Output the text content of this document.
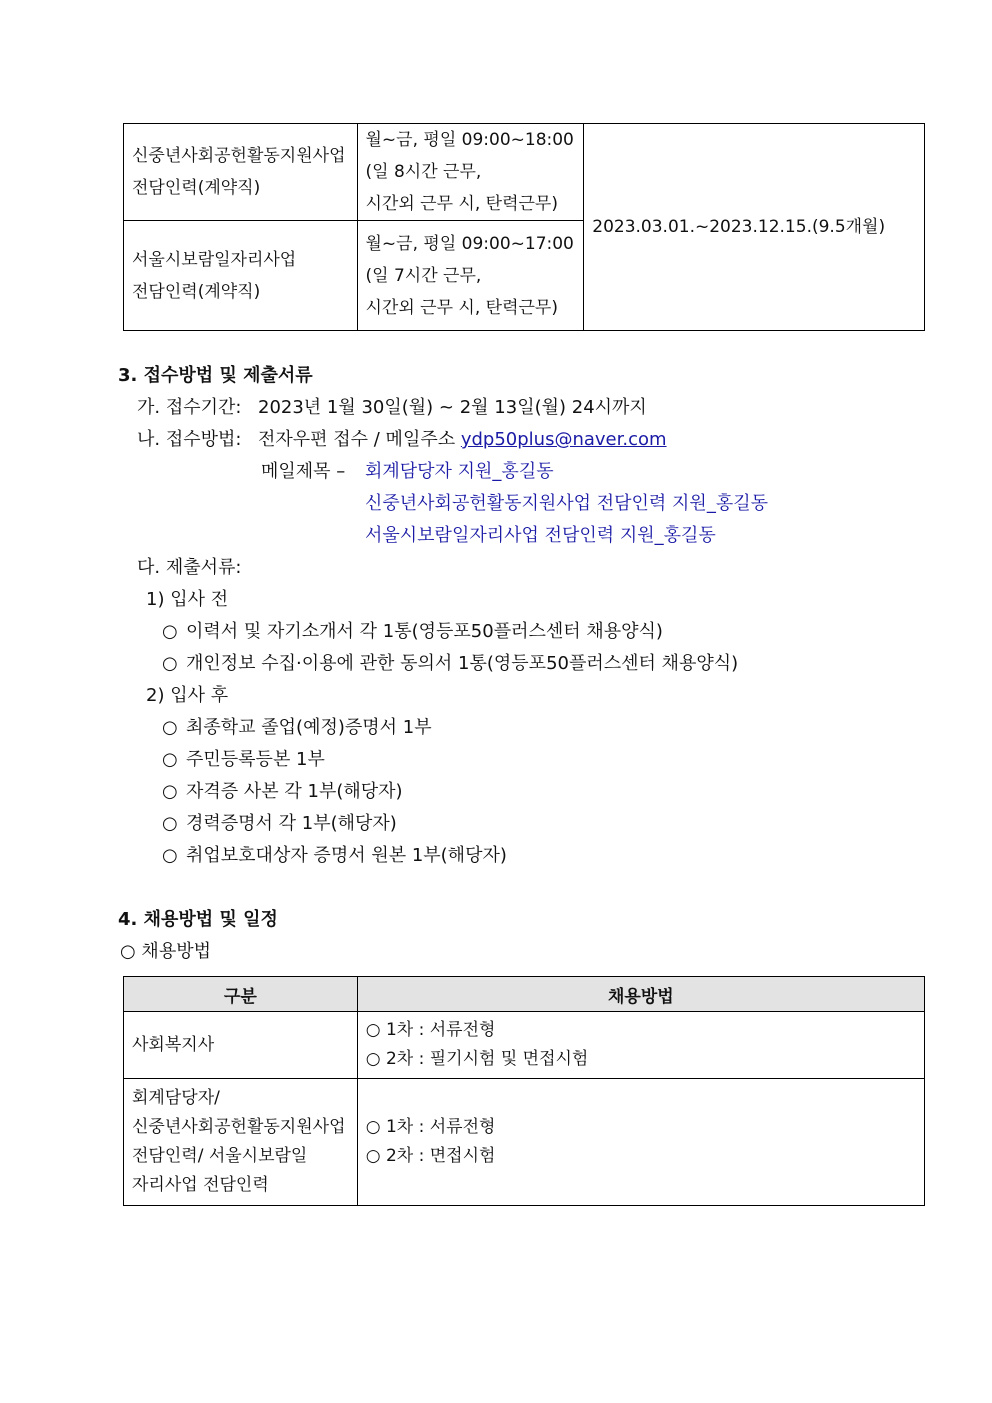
신중년사회공헌활동지원사업
전담인력(계약직)	월~금, 평일 09:00~18:00
(일 8시간 근무,
시간외 근무 시, 탄력근무)	2023.03.01.~2023.12.15.(9.5개월)

서울시보람일자리사업
전담인력(계약직)	월~금, 평일 09:00~17:00
(일 7시간 근무,
시간외 근무 시, 탄력근무)	
3. 접수방법 및 제출서류
가. 접수기간: 2023년 1월 30일(월) ~ 2월 13일(월) 24시까지
나. 접수방법: 전자우편 접수 / 메일주소 ydp50plus@naver.com
메일제목 – 회계담당자 지원_홍길동
신중년사회공헌활동지원사업 전담인력 지원_홍길동
서울시보람일자리사업 전담인력 지원_홍길동
다. 제출서류:
1) 입사 전
○ 이력서 및 자기소개서 각 1통(영등포50플러스센터 채용양식)
○ 개인정보 수집·이용에 관한 동의서 1통(영등포50플러스센터 채용양식)
2) 입사 후
○ 최종학교 졸업(예정)증명서 1부
○ 주민등록등본 1부
○ 자격증 사본 각 1부(해당자)
○ 경력증명서 각 1부(해당자)
○ 취업보호대상자 증명서 원본 1부(해당자)
4. 채용방법 및 일정
○ 채용방법
구분	채용방법
사회복지사	○ 1차 : 서류전형
○ 2차 : 필기시험 및 면접시험

회계담당자/
신중년사회공헌활동지원사업
전담인력/ 서울시보람일
자리사업 전담인력	○ 1차 : 서류전형
○ 2차 : 면접시험
